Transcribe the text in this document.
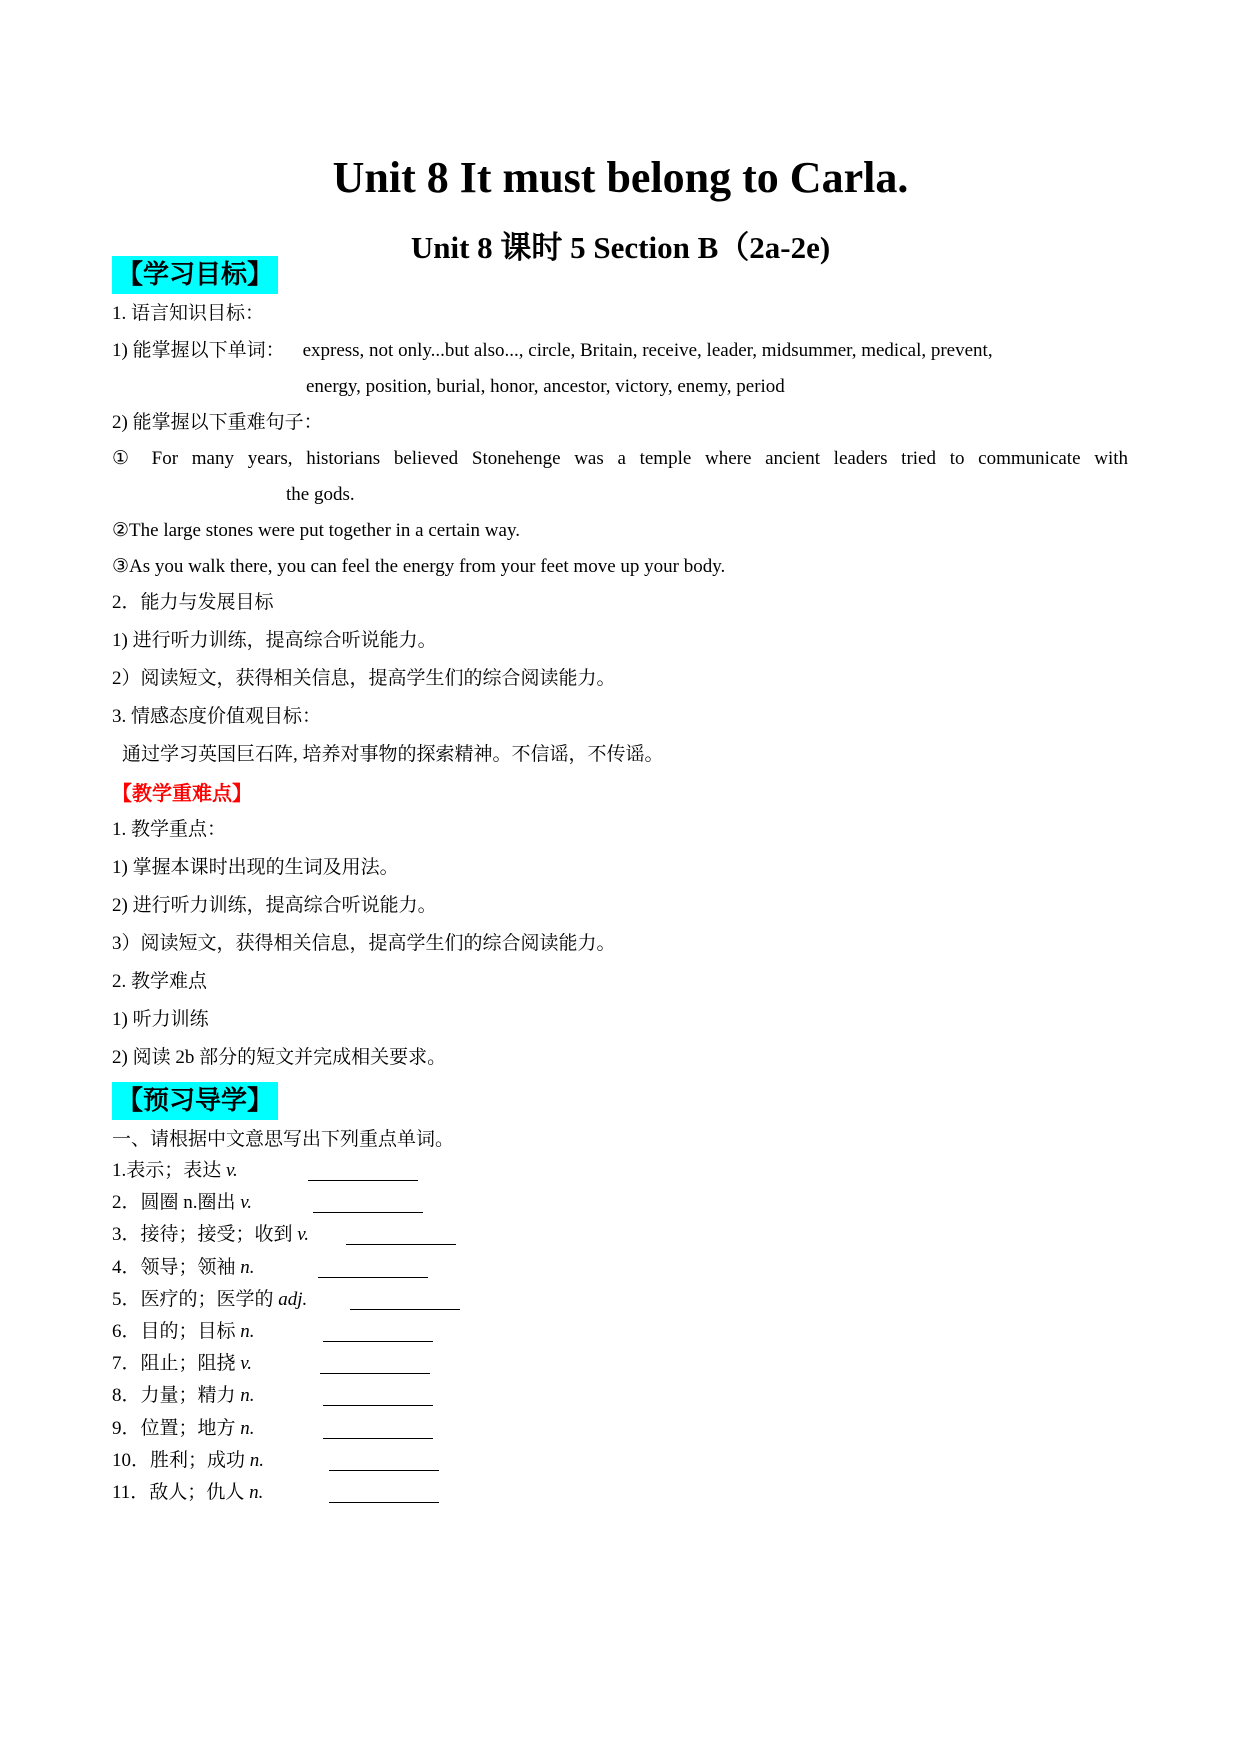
Unit 8 It must belong to Carla.
Unit 8 课时 5 Section B（2a-2e)
【学习目标】
1. 语言知识目标：
1) 能掌握以下单词： express, not only...but also..., circle, Britain, receive, leader, midsummer, medical, prevent,
energy, position, burial, honor, ancestor, victory, enemy, period
2) 能掌握以下重难句子：
① For many years, historians believed Stonehenge was a temple where ancient leaders tried to communicate with
the gods.
②The large stones were put together in a certain way.
③As you walk there, you can feel the energy from your feet move up your body.
2．能力与发展目标
1) 进行听力训练，提高综合听说能力。
2）阅读短文，获得相关信息，提高学生们的综合阅读能力。
3. 情感态度价值观目标：
通过学习英国巨石阵, 培养对事物的探索精神。不信谣，不传谣。
【教学重难点】
1. 教学重点：
1) 掌握本课时出现的生词及用法。
2) 进行听力训练，提高综合听说能力。
3）阅读短文，获得相关信息，提高学生们的综合阅读能力。
2. 教学难点
1) 听力训练
2) 阅读 2b 部分的短文并完成相关要求。
【预习导学】
一、请根据中文意思写出下列重点单词。
1.表示；表达 v.
2．圆圈 n.圈出 v.
3．接待；接受；收到 v.
4．领导；领袖 n.
5．医疗的；医学的 adj.
6．目的；目标 n.
7．阻止；阻挠 v.
8．力量；精力 n.
9．位置；地方 n.
10．胜利；成功 n.
11．敌人；仇人 n.
